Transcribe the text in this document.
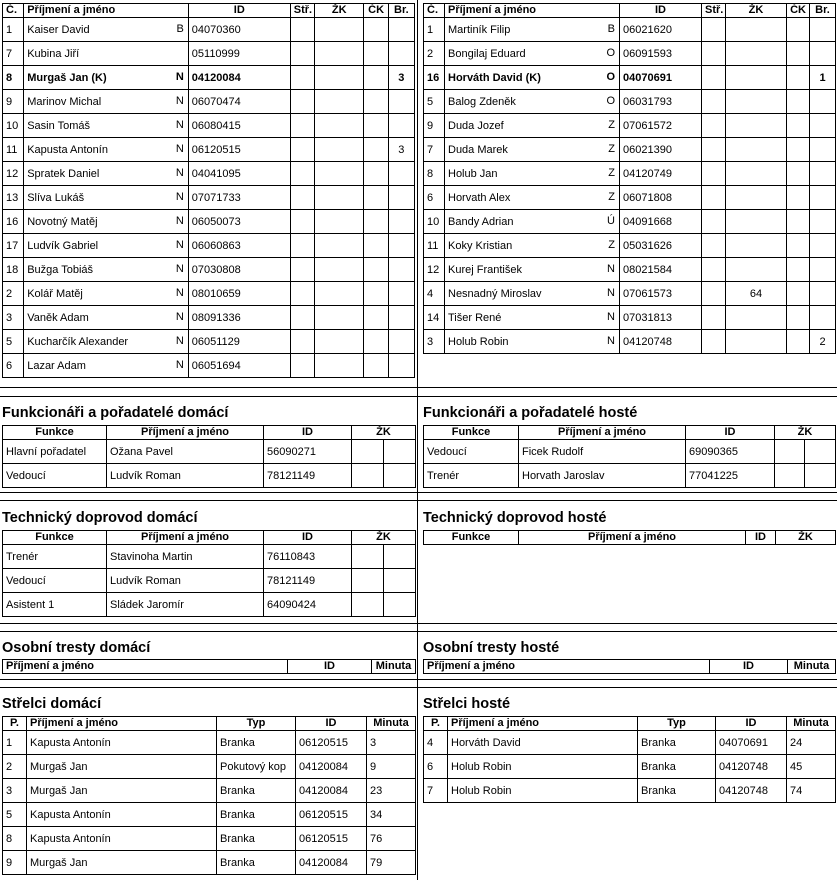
Č.	Příjmení a jméno	ID	Stř.	ŽK	ČK	Br.
1	Kaiser David B	04070360				
7	Kubina Jiří	05110999				
8	Murgaš Jan (K) N	04120084				3
9	Marinov Michal N	06070474				
10	Sasin Tomáš N	06080415				
11	Kapusta Antonín N	06120515				3
12	Spratek Daniel N	04041095				
13	Slíva Lukáš N	07071733				
16	Novotný Matěj N	06050073				
17	Ludvík Gabriel N	06060863				
18	Bužga Tobiáš N	07030808				
2	Kolář Matěj N	08010659				
3	Vaněk Adam N	08091336				
5	Kucharčík Alexander N	06051129				
6	Lazar Adam N	06051694				
Č.	Příjmení a jméno	ID	Stř.	ŽK	ČK	Br.
1	Martiník Filip B	06021620				
2	Bongilaj Eduard O	06091593				
16	Horváth David (K) O	04070691				1
5	Balog Zdeněk O	06031793				
9	Duda Jozef Z	07061572				
7	Duda Marek Z	06021390				
8	Holub Jan Z	04120749				
6	Horvath Alex Z	06071808				
10	Bandy Adrian Ú	04091668				
11	Koky Kristian Z	05031626				
12	Kurej František N	08021584				
4	Nesnadný Miroslav N	07061573		64		
14	Tišer René N	07031813				
3	Holub Robin N	04120748				2
Funkcionáři a pořadatelé domácí
Funkce	Příjmení a jméno	ID	ŽK	
Hlavní pořadatel	Ožana Pavel	56090271		
Vedoucí	Ludvík Roman	78121149		
Funkcionáři a pořadatelé hosté
Funkce	Příjmení a jméno	ID	ŽK	
Vedoucí	Ficek Rudolf	69090365		
Trenér	Horvath Jaroslav	77041225		
Technický doprovod domácí
Funkce	Příjmení a jméno	ID	ŽK	
Trenér	Stavinoha Martin	76110843		
Vedoucí	Ludvík Roman	78121149		
Asistent 1	Sládek Jaromír	64090424		
Technický doprovod hosté
Funkce	Příjmení a jméno	ID	ŽK
Osobní tresty domácí
Příjmení a jméno	ID	Minuta
Osobní tresty hosté
Příjmení a jméno	ID	Minuta
Střelci domácí
P.	Příjmení a jméno	Typ	ID	Minuta
1	Kapusta Antonín	Branka	06120515	3
2	Murgaš Jan	Pokutový kop	04120084	9
3	Murgaš Jan	Branka	04120084	23
5	Kapusta Antonín	Branka	06120515	34
8	Kapusta Antonín	Branka	06120515	76
9	Murgaš Jan	Branka	04120084	79
Střelci hosté
P.	Příjmení a jméno	Typ	ID	Minuta
4	Horváth David	Branka	04070691	24
6	Holub Robin	Branka	04120748	45
7	Holub Robin	Branka	04120748	74
